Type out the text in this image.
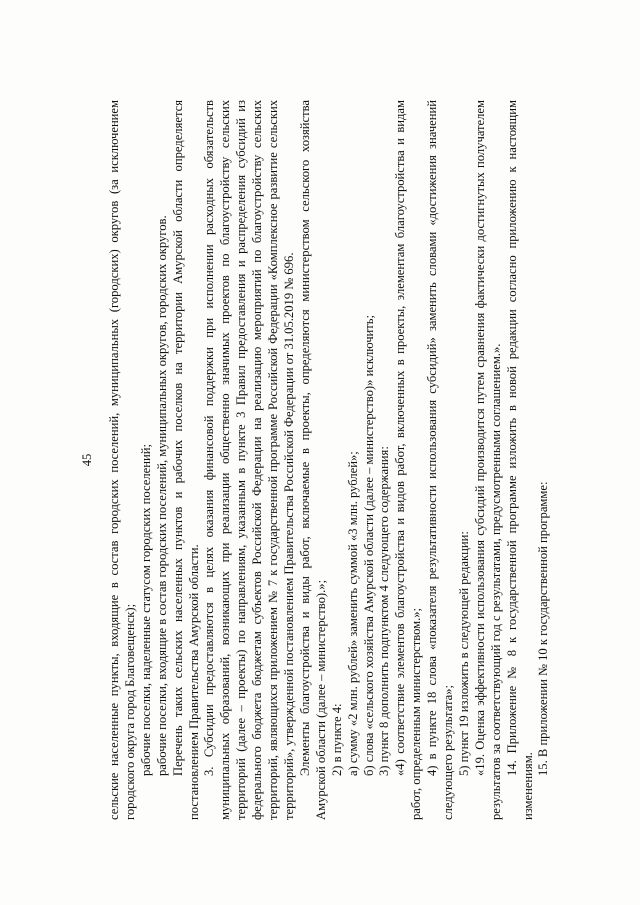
45 сельские населенные пункты, входящие в состав городских поселений, муниципальных (городских) округов (за исключением городского округа город Благовещенск); рабочие поселки, наделенные статусом городских поселений; рабочие поселки, входящие в состав городских поселений, муниципальных округов, городских округов. Перечень таких сельских населенных пунктов и рабочих поселков на территории Амурской области определяется постановлением Правительства Амурской области. 3. Субсидии предоставляются в целях оказания финансовой поддержки при исполнении расходных обязательств муниципальных образований, возникающих при реализации общественно значимых проектов по благоустройству сельских территорий (далее – проекты) по направлениям, указанным в пункте 3 Правил предоставления и распределения субсидий из федерального бюджета бюджетам субъектов Российской Федерации на реализацию мероприятий по благоустройству сельских территорий, являющихся приложением № 7 к государственной программе Российской Федерации «Комплексное развитие сельских территорий», утвержденной постановлением Правительства Российской Федерации от 31.05.2019 № 696. Элементы благоустройства и виды работ, включаемые в проекты, определяются министерством сельского хозяйства Амурской области (далее – министерство).»; 2) в пункте 4: а) сумму «2 млн. рублей» заменить суммой «3 млн. рублей»; б) слова «сельского хозяйства Амурской области (далее – министерство)» исключить; 3) пункт 8 дополнить подпунктом 4 следующего содержания: «4) соответствие элементов благоустройства и видов работ, включенных в проекты, элементам благоустройства и видам работ, определенным министерством.»; 4) в пункте 18 слова «показателя результативности использования субсидий» заменить словами «достижения значений следующего результата»; 5) пункт 19 изложить в следующей редакции: «19. Оценка эффективности использования субсидий производится путем сравнения фактически достигнутых получателем результатов за соответствующий год с результатами, предусмотренными соглашением.». 14. Приложение № 8 к государственной программе изложить в новой редакции согласно приложению к настоящим изменениям.

15. В приложении № 10 к государственной программе:
